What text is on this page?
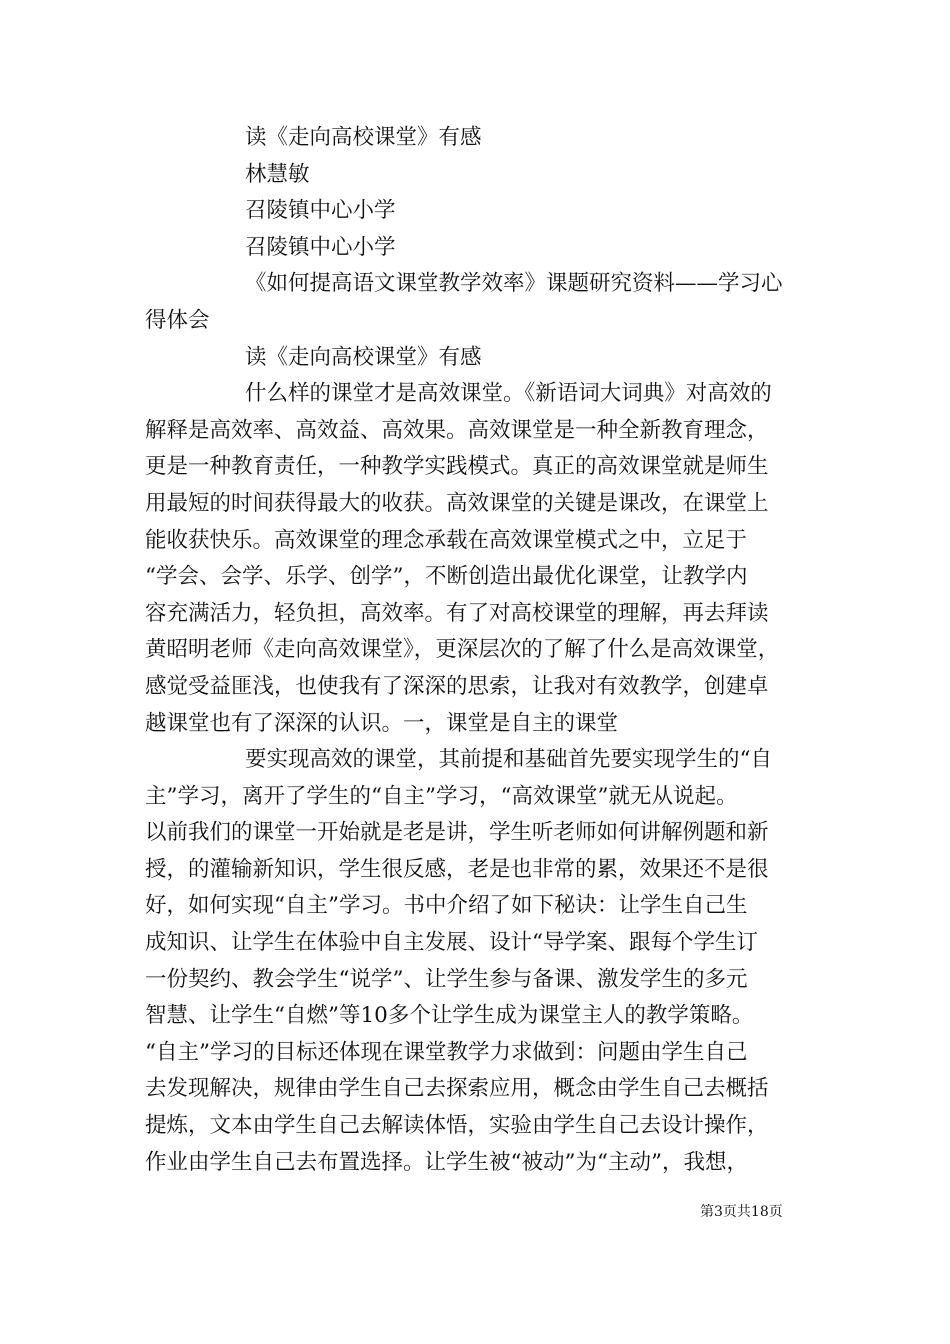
读《走向高校课堂》有感
林慧敏
召陵镇中心小学
召陵镇中心小学
《如何提高语文课堂教学效率》课题研究资料——学习心
得体会
读《走向高校课堂》有感
什么样的课堂才是高效课堂。《新语词大词典》对高效的
解释是高效率、高效益、高效果。高效课堂是一种全新教育理念，
更是一种教育责任，一种教学实践模式。真正的高效课堂就是师生
用最短的时间获得最大的收获。高效课堂的关键是课改，在课堂上
能收获快乐。高效课堂的理念承载在高效课堂模式之中，立足于
“学会、会学、乐学、创学”，不断创造出最优化课堂，让教学内
容充满活力，轻负担，高效率。有了对高校课堂的理解，再去拜读
黄昭明老师《走向高效课堂》，更深层次的了解了什么是高效课堂，
感觉受益匪浅，也使我有了深深的思索，让我对有效教学，创建卓
越课堂也有了深深的认识。一，课堂是自主的课堂
要实现高效的课堂，其前提和基础首先要实现学生的“自
主”学习，离开了学生的“自主”学习，“高效课堂”就无从说起。
以前我们的课堂一开始就是老是讲，学生听老师如何讲解例题和新
授，的灌输新知识，学生很反感，老是也非常的累，效果还不是很
好，如何实现“自主”学习。书中介绍了如下秘诀：让学生自己生
成知识、让学生在体验中自主发展、设计“导学案、跟每个学生订
一份契约、教会学生“说学”、让学生参与备课、激发学生的多元
智慧、让学生“自燃”等10多个让学生成为课堂主人的教学策略。
“自主”学习的目标还体现在课堂教学力求做到：问题由学生自己
去发现解决，规律由学生自己去探索应用，概念由学生自己去概括
提炼，文本由学生自己去解读体悟，实验由学生自己去设计操作，
作业由学生自己去布置选择。让学生被“被动”为“主动”，我想，
第3页共18页
